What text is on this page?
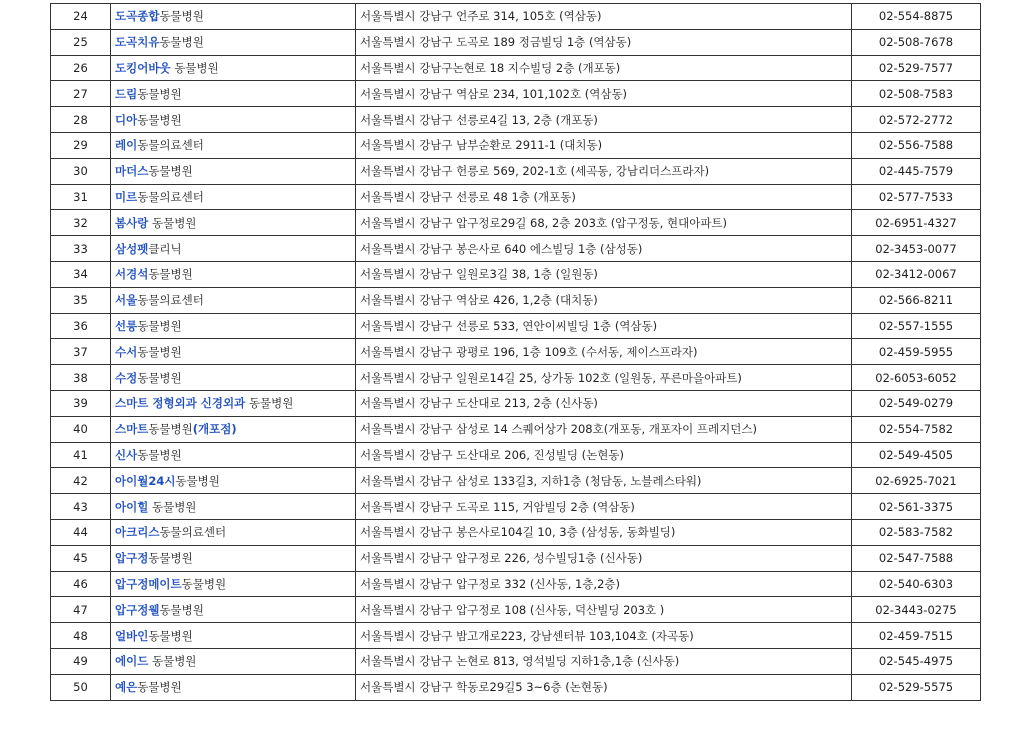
24	도곡종합동물병원	서울특별시 강남구 언주로 314, 105호 (역삼동)	02-554-8875
25	도곡치유동물병원	서울특별시 강남구 도곡로 189 정금빌딩 1층 (역삼동)	02-508-7678
26	도킹어바웃 동물병원	서울특별시 강남구논현로 18 지수빌딩 2층 (개포동)	02-529-7577
27	드림동물병원	서울특별시 강남구 역삼로 234, 101,102호 (역삼동)	02-508-7583
28	디아동물병원	서울특별시 강남구 선릉로4길 13, 2층 (개포동)	02-572-2772
29	레이동물의료센터	서울특별시 강남구 남부순환로 2911-1 (대치동)	02-556-7588
30	마더스동물병원	서울특별시 강남구 헌릉로 569, 202-1호 (세곡동, 강남리더스프라자)	02-445-7579
31	미르동물의료센터	서울특별시 강남구 선릉로 48 1층 (개포동)	02-577-7533
32	봄사랑 동물병원	서울특별시 강남구 압구정로29길 68, 2층 203호 (압구정동, 현대아파트)	02-6951-4327
33	삼성펫클리닉	서울특별시 강남구 봉은사로 640 에스빌딩 1층 (삼성동)	02-3453-0077
34	서경석동물병원	서울특별시 강남구 일원로3길 38, 1층 (일원동)	02-3412-0067
35	서울동물의료센터	서울특별시 강남구 역삼로 426, 1,2층 (대치동)	02-566-8211
36	선릉동물병원	서울특별시 강남구 선릉로 533, 연안이씨빌딩 1층 (역삼동)	02-557-1555
37	수서동물병원	서울특별시 강남구 광평로 196, 1층 109호 (수서동, 제이스프라자)	02-459-5955
38	수정동물병원	서울특별시 강남구 일원로14길 25, 상가동 102호 (일원동, 푸른마을아파트)	02-6053-6052
39	스마트 정형외과 신경외과 동물병원	서울특별시 강남구 도산대로 213, 2층 (신사동)	02-549-0279
40	스마트동물병원(개포점)	서울특별시 강남구 삼성로 14 스퀘어상가 208호(개포동, 개포자이 프레지던스)	02-554-7582
41	신사동물병원	서울특별시 강남구 도산대로 206, 진성빌딩 (논현동)	02-549-4505
42	아이월24시동물병원	서울특별시 강남구 삼성로 133길3, 지하1층 (청담동, 노블레스타워)	02-6925-7021
43	아이힐 동물병원	서울특별시 강남구 도곡로 115, 거암빌딩 2층 (역삼동)	02-561-3375
44	아크리스동물의료센터	서울특별시 강남구 봉은사로104길 10, 3층 (삼성동, 동화빌딩)	02-583-7582
45	압구정동물병원	서울특별시 강남구 압구정로 226, 성수빌딩1층 (신사동)	02-547-7588
46	압구정메이트동물병원	서울특별시 강남구 압구정로 332 (신사동, 1층,2층)	02-540-6303
47	압구정웰동물병원	서울특별시 강남구 압구정로 108 (신사동, 덕산빌딩 203호 )	02-3443-0275
48	얼바인동물병원	서울특별시 강남구 밤고개로223, 강남센터뷰 103,104호 (자곡동)	02-459-7515
49	에이드 동물병원	서울특별시 강남구 논현로 813, 영석빌딩 지하1층,1층 (신사동)	02-545-4975
50	예은동물병원	서울특별시 강남구 학동로29길5 3~6층 (논현동)	02-529-5575
